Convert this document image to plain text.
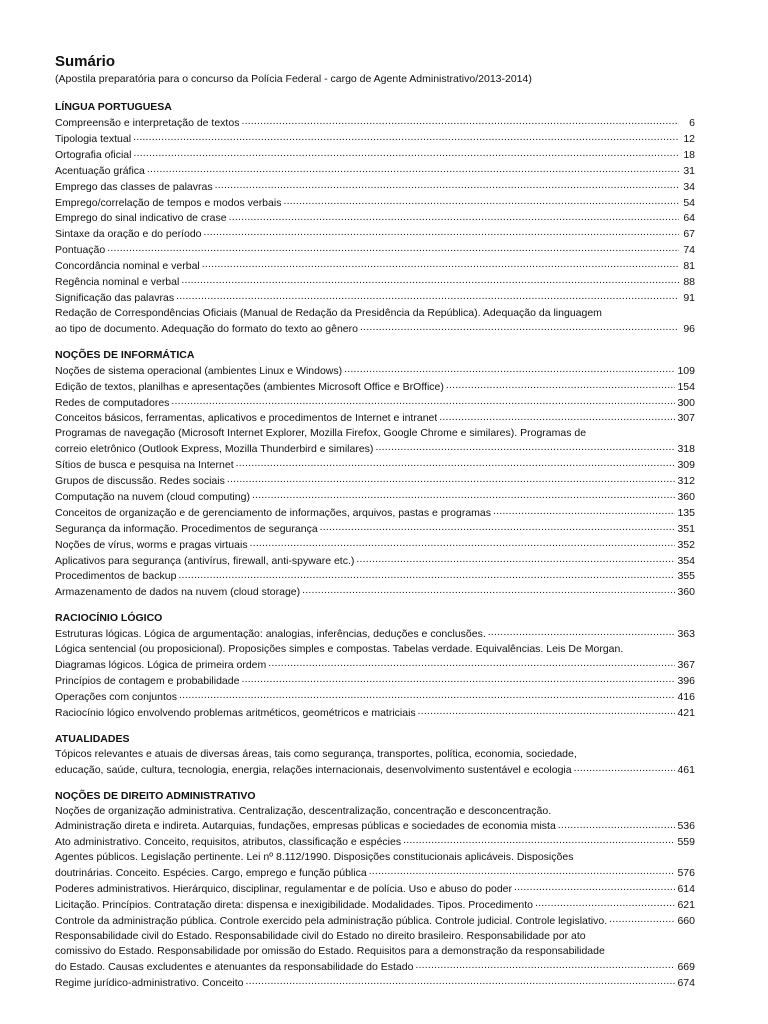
Sumário
(Apostila preparatória para o concurso da Polícia Federal - cargo de Agente Administrativo/2013-2014)
LÍNGUA PORTUGUESA
Compreensão e interpretação de textos .....	6
Tipologia textual .....	12
Ortografia oficial .....	18
Acentuação gráfica .....	31
Emprego das classes de palavras .....	34
Emprego/correlação de tempos e modos verbais .....	54
Emprego do sinal indicativo de crase .....	64
Sintaxe da oração e do período .....	67
Pontuação .....	74
Concordância nominal e verbal .....	81
Regência nominal e verbal .....	88
Significação das palavras .....	91
Redação de Correspondências Oficiais (Manual de Redação da Presidência da República). Adequação da linguagem
ao tipo de documento. Adequação do formato do texto ao gênero .....	96
NOÇÕES DE INFORMÁTICA
Noções de sistema operacional (ambientes Linux e Windows) .....	109
Edição de textos, planilhas e apresentações (ambientes Microsoft Office e BrOffice) .....	154
Redes de computadores .....	300
Conceitos básicos, ferramentas, aplicativos e procedimentos de Internet e intranet .....	307
Programas de navegação (Microsoft Internet Explorer, Mozilla Firefox, Google Chrome e similares). Programas de
correio eletrônico (Outlook Express, Mozilla Thunderbird e similares) .....	318
Sítios de busca e pesquisa na Internet .....	309
Grupos de discussão. Redes sociais .....	312
Computação na nuvem (cloud computing) .....	360
Conceitos de organização e de gerenciamento de informações, arquivos, pastas e programas .....	135
Segurança da informação. Procedimentos de segurança .....	351
Noções de vírus, worms e pragas virtuais .....	352
Aplicativos para segurança (antivírus, firewall, anti-spyware etc.) .....	354
Procedimentos de backup .....	355
Armazenamento de dados na nuvem (cloud storage) .....	360
RACIOCÍNIO LÓGICO
Estruturas lógicas. Lógica de argumentação: analogias, inferências, deduções e conclusões. .....	363
Lógica sentencial (ou proposicional). Proposições simples e compostas. Tabelas verdade. Equivalências. Leis De Morgan.
Diagramas lógicos. Lógica de primeira ordem .....	367
Princípios de contagem e probabilidade .....	396
Operações com conjuntos .....	416
Raciocínio lógico envolvendo problemas aritméticos, geométricos e matriciais .....	421
ATUALIDADES
Tópicos relevantes e atuais de diversas áreas, tais como segurança, transportes, política, economia, sociedade,
educação, saúde, cultura, tecnologia, energia, relações internacionais, desenvolvimento sustentável e ecologia .....	461
NOÇÕES DE DIREITO ADMINISTRATIVO
Noções de organização administrativa. Centralização, descentralização, concentração e desconcentração.
Administração direta e indireta. Autarquias, fundações, empresas públicas e sociedades de economia mista .....	536
Ato administrativo. Conceito, requisitos, atributos, classificação e espécies .....	559
Agentes públicos. Legislação pertinente. Lei nº 8.112/1990. Disposições constitucionais aplicáveis. Disposições
doutrinárias. Conceito. Espécies. Cargo, emprego e função pública .....	576
Poderes administrativos. Hierárquico, disciplinar, regulamentar e de polícia. Uso e abuso do poder .....	614
Licitação. Princípios. Contratação direta: dispensa e inexigibilidade. Modalidades. Tipos. Procedimento .....	621
Controle da administração pública. Controle exercido pela administração pública. Controle judicial. Controle legislativo. .....	660
Responsabilidade civil do Estado. Responsabilidade civil do Estado no direito brasileiro. Responsabilidade por ato
comissivo do Estado. Responsabilidade por omissão do Estado. Requisitos para a demonstração da responsabilidade
do Estado. Causas excludentes e atenuantes da responsabilidade do Estado .....	669
Regime jurídico-administrativo. Conceito .....	674
